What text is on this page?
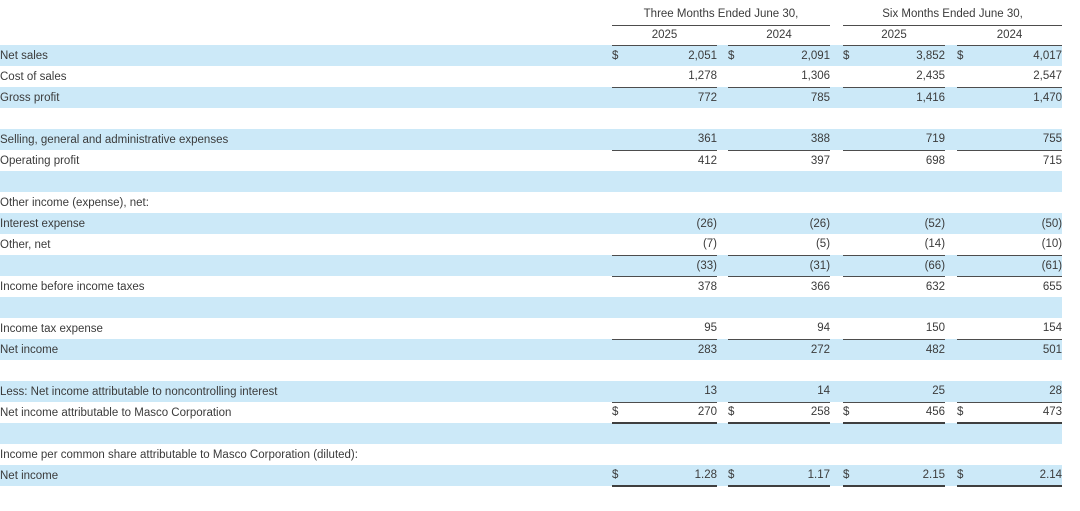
	Three Months Ended June 30,						Six Months Ended June 30,					
	2025			2024			2025			2024		
Net sales	$	2,051		$	2,091		$	3,852		$	4,017	
Cost of sales		1,278			1,306			2,435			2,547	
Gross profit		772			785			1,416			1,470	

Selling, general and administrative expenses		361			388			719			755	
Operating profit		412			397			698			715	

Other income (expense), net:												
Interest expense		(26)			(26)			(52)			(50)	
Other, net		(7)			(5)			(14)			(10)	
		(33)			(31)			(66)			(61)	
Income before income taxes		378			366			632			655	

Income tax expense		95			94			150			154	
Net income		283			272			482			501	

Less: Net income attributable to noncontrolling interest		13			14			25			28	
Net income attributable to Masco Corporation	$	270		$	258		$	456		$	473	

Income per common share attributable to Masco Corporation (diluted):												
Net income	$	1.28		$	1.17		$	2.15		$	2.14	
